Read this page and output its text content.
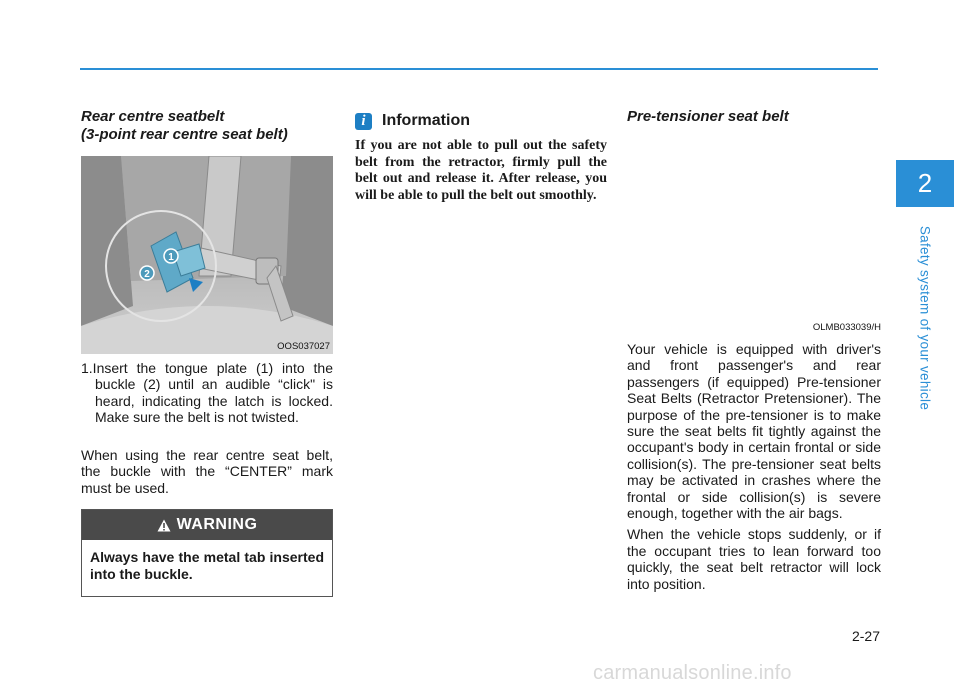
Rear centre seatbelt
(3-point rear centre seat belt)
1
2
OOS037027
1.Insert the tongue plate (1) into the buckle (2) until an audible “click" is heard, indicating the latch is locked. Make sure the belt is not twisted.

When using the rear centre seat belt, the buckle with the “CENTER” mark must be used.

WARNING
Always have the metal tab inserted into the buckle.
i	Information
If you are not able to pull out the safety belt from the retractor, firmly pull the belt out and release it. After release, you will be able to pull the belt out smoothly.
Pre-tensioner seat belt
OLMB033039/H

Your vehicle is equipped with driver's and front passenger's and rear passengers (if equipped) Pre-tensioner Seat Belts (Retractor Pretensioner). The purpose of the pre-tensioner is to make sure the seat belts fit tightly against the occupant's body in certain frontal or side collision(s). The pre-tensioner seat belts may be activated in crashes where the frontal or side collision(s) is severe enough, together with the air bags.

When the vehicle stops suddenly, or if the occupant tries to lean forward too quickly, the seat belt retractor will lock into position.

2
Safety system of your vehicle
2-27
carmanualsonline.info
